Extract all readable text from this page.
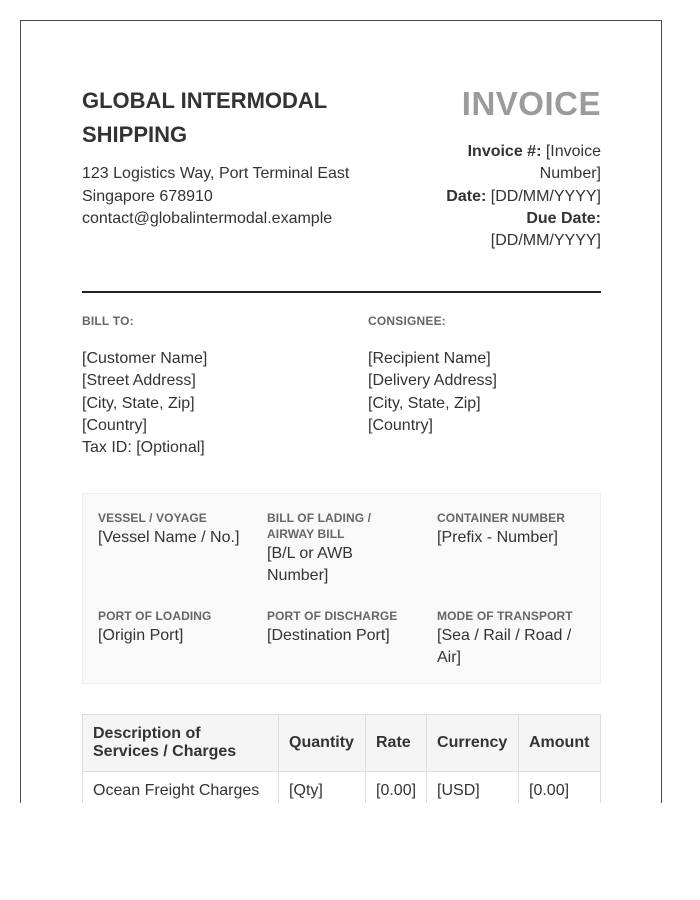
GLOBAL INTERMODAL
SHIPPING
123 Logistics Way, Port Terminal East
Singapore 678910
contact@globalintermodal.example
INVOICE
Invoice #: [Invoice Number]
Date: [DD/MM/YYYY]
Due Date: [DD/MM/YYYY]
BILL TO:
[Customer Name]
[Street Address]
[City, State, Zip]
[Country]
Tax ID: [Optional]
CONSIGNEE:
[Recipient Name]
[Delivery Address]
[City, State, Zip]
[Country]
VESSEL / VOYAGE
[Vessel Name / No.]
BILL OF LADING / AIRWAY BILL
[B/L or AWB Number]
CONTAINER NUMBER
[Prefix - Number]
PORT OF LOADING
[Origin Port]
PORT OF DISCHARGE
[Destination Port]
MODE OF TRANSPORT
[Sea / Rail / Road / Air]
Description of Services / Charges	Quantity	Rate	Currency	Amount
Ocean Freight Charges	[Qty]	[0.00]	[USD]	[0.00]
